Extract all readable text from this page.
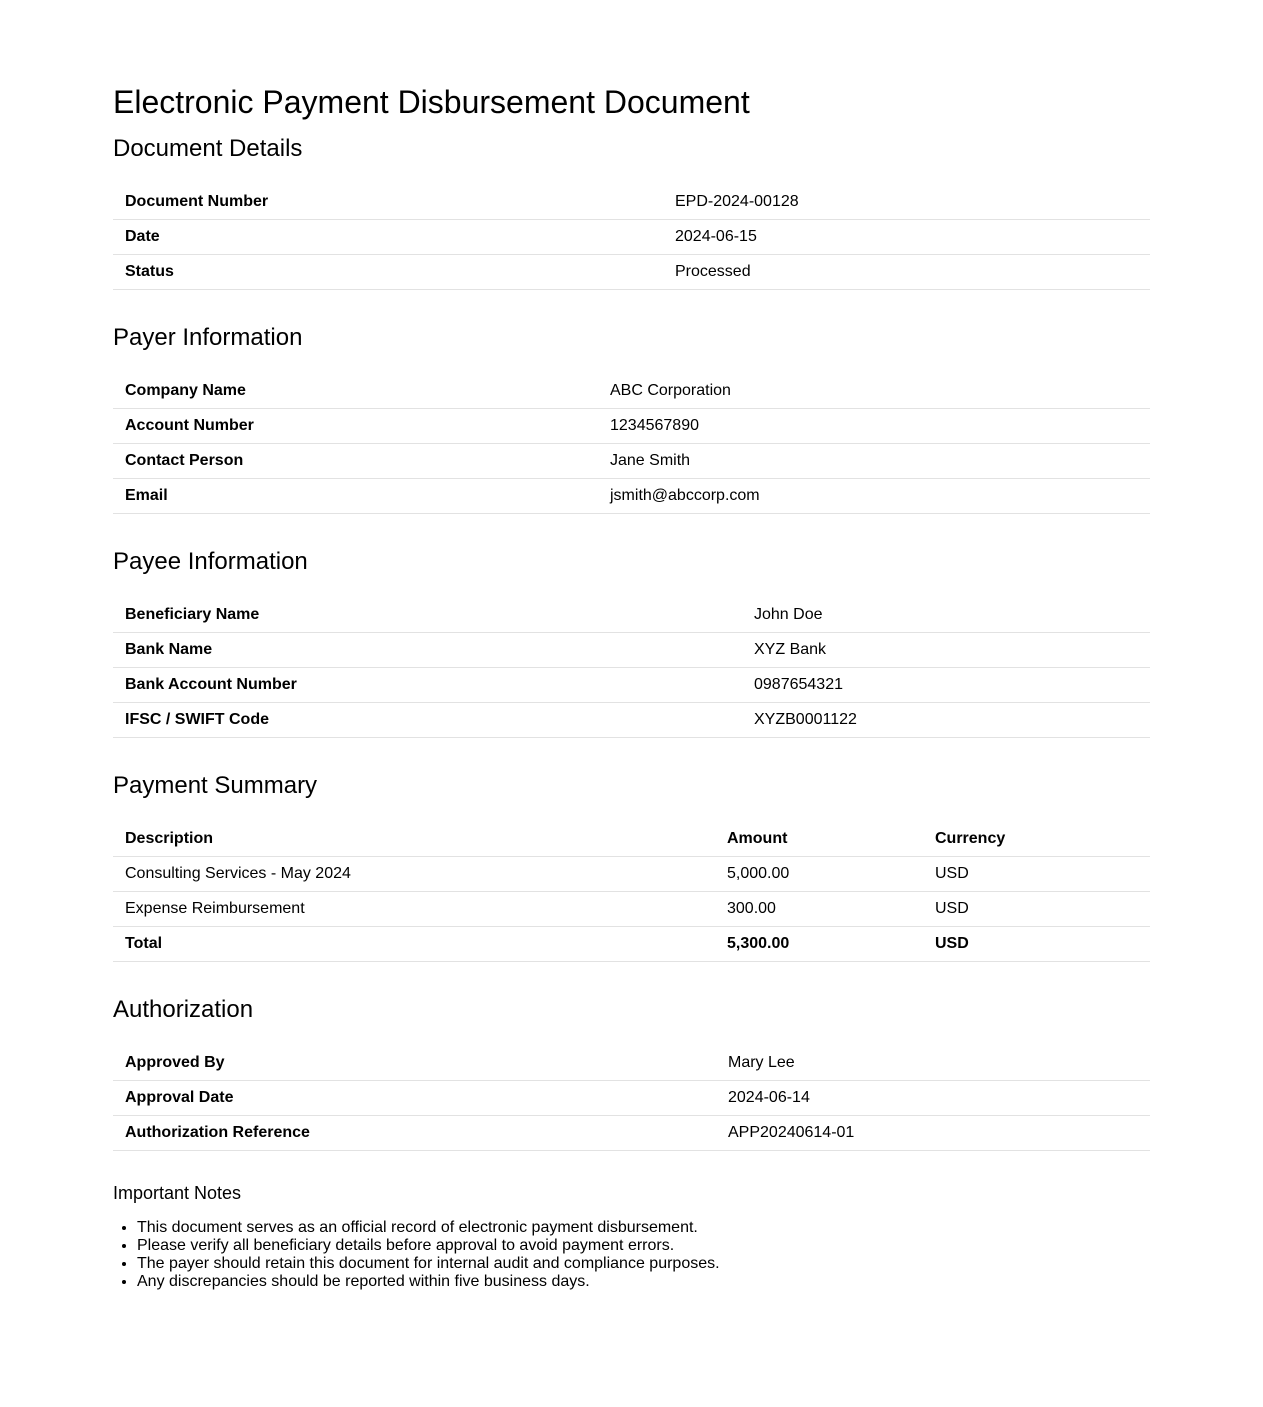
Electronic Payment Disbursement Document
Document Details
Document Number	EPD-2024-00128
Date	2024-06-15
Status	Processed
Payer Information
Company Name	ABC Corporation
Account Number	1234567890
Contact Person	Jane Smith
Email	jsmith@abccorp.com
Payee Information
Beneficiary Name	John Doe
Bank Name	XYZ Bank
Bank Account Number	0987654321
IFSC / SWIFT Code	XYZB0001122
Payment Summary
Description	Amount	Currency
Consulting Services - May 2024	5,000.00	USD
Expense Reimbursement	300.00	USD
Total	5,300.00	USD
Authorization
Approved By	Mary Lee
Approval Date	2024-06-14
Authorization Reference	APP20240614-01
Important Notes
• This document serves as an official record of electronic payment disbursement.
• Please verify all beneficiary details before approval to avoid payment errors.
• The payer should retain this document for internal audit and compliance purposes.
• Any discrepancies should be reported within five business days.
